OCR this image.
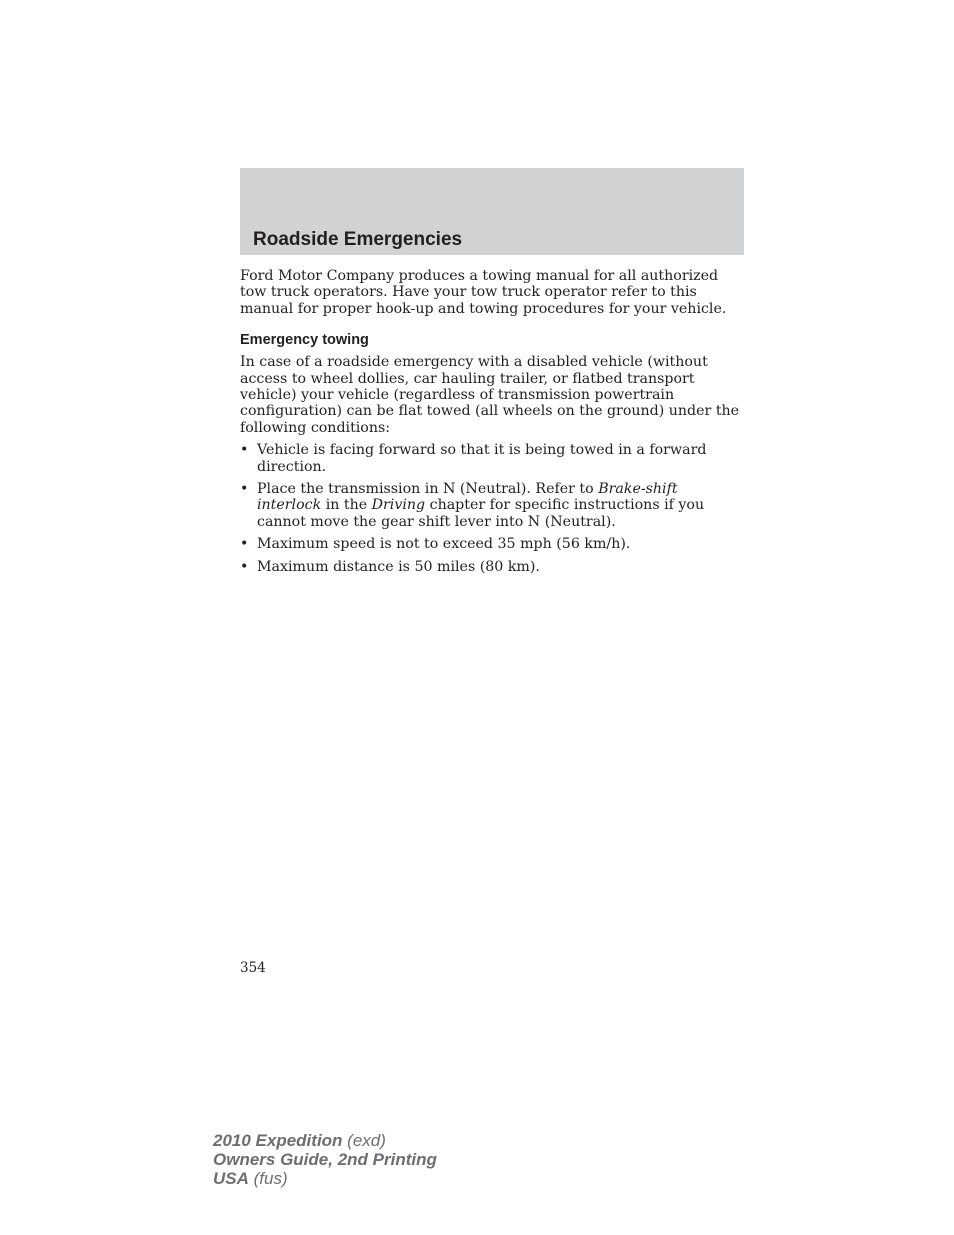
Roadside Emergencies

Ford Motor Company produces a towing manual for all authorized tow truck operators. Have your tow truck operator refer to this manual for proper hook-up and towing procedures for your vehicle.

Emergency towing

In case of a roadside emergency with a disabled vehicle (without access to wheel dollies, car hauling trailer, or flatbed transport vehicle) your vehicle (regardless of transmission powertrain configuration) can be flat towed (all wheels on the ground) under the following conditions:

• Vehicle is facing forward so that it is being towed in a forward direction.
• Place the transmission in N (Neutral). Refer to Brake-shift interlock in the Driving chapter for specific instructions if you cannot move the gear shift lever into N (Neutral).
• Maximum speed is not to exceed 35 mph (56 km/h).
• Maximum distance is 50 miles (80 km).
354
2010 Expedition (exd)
Owners Guide, 2nd Printing
USA (fus)
